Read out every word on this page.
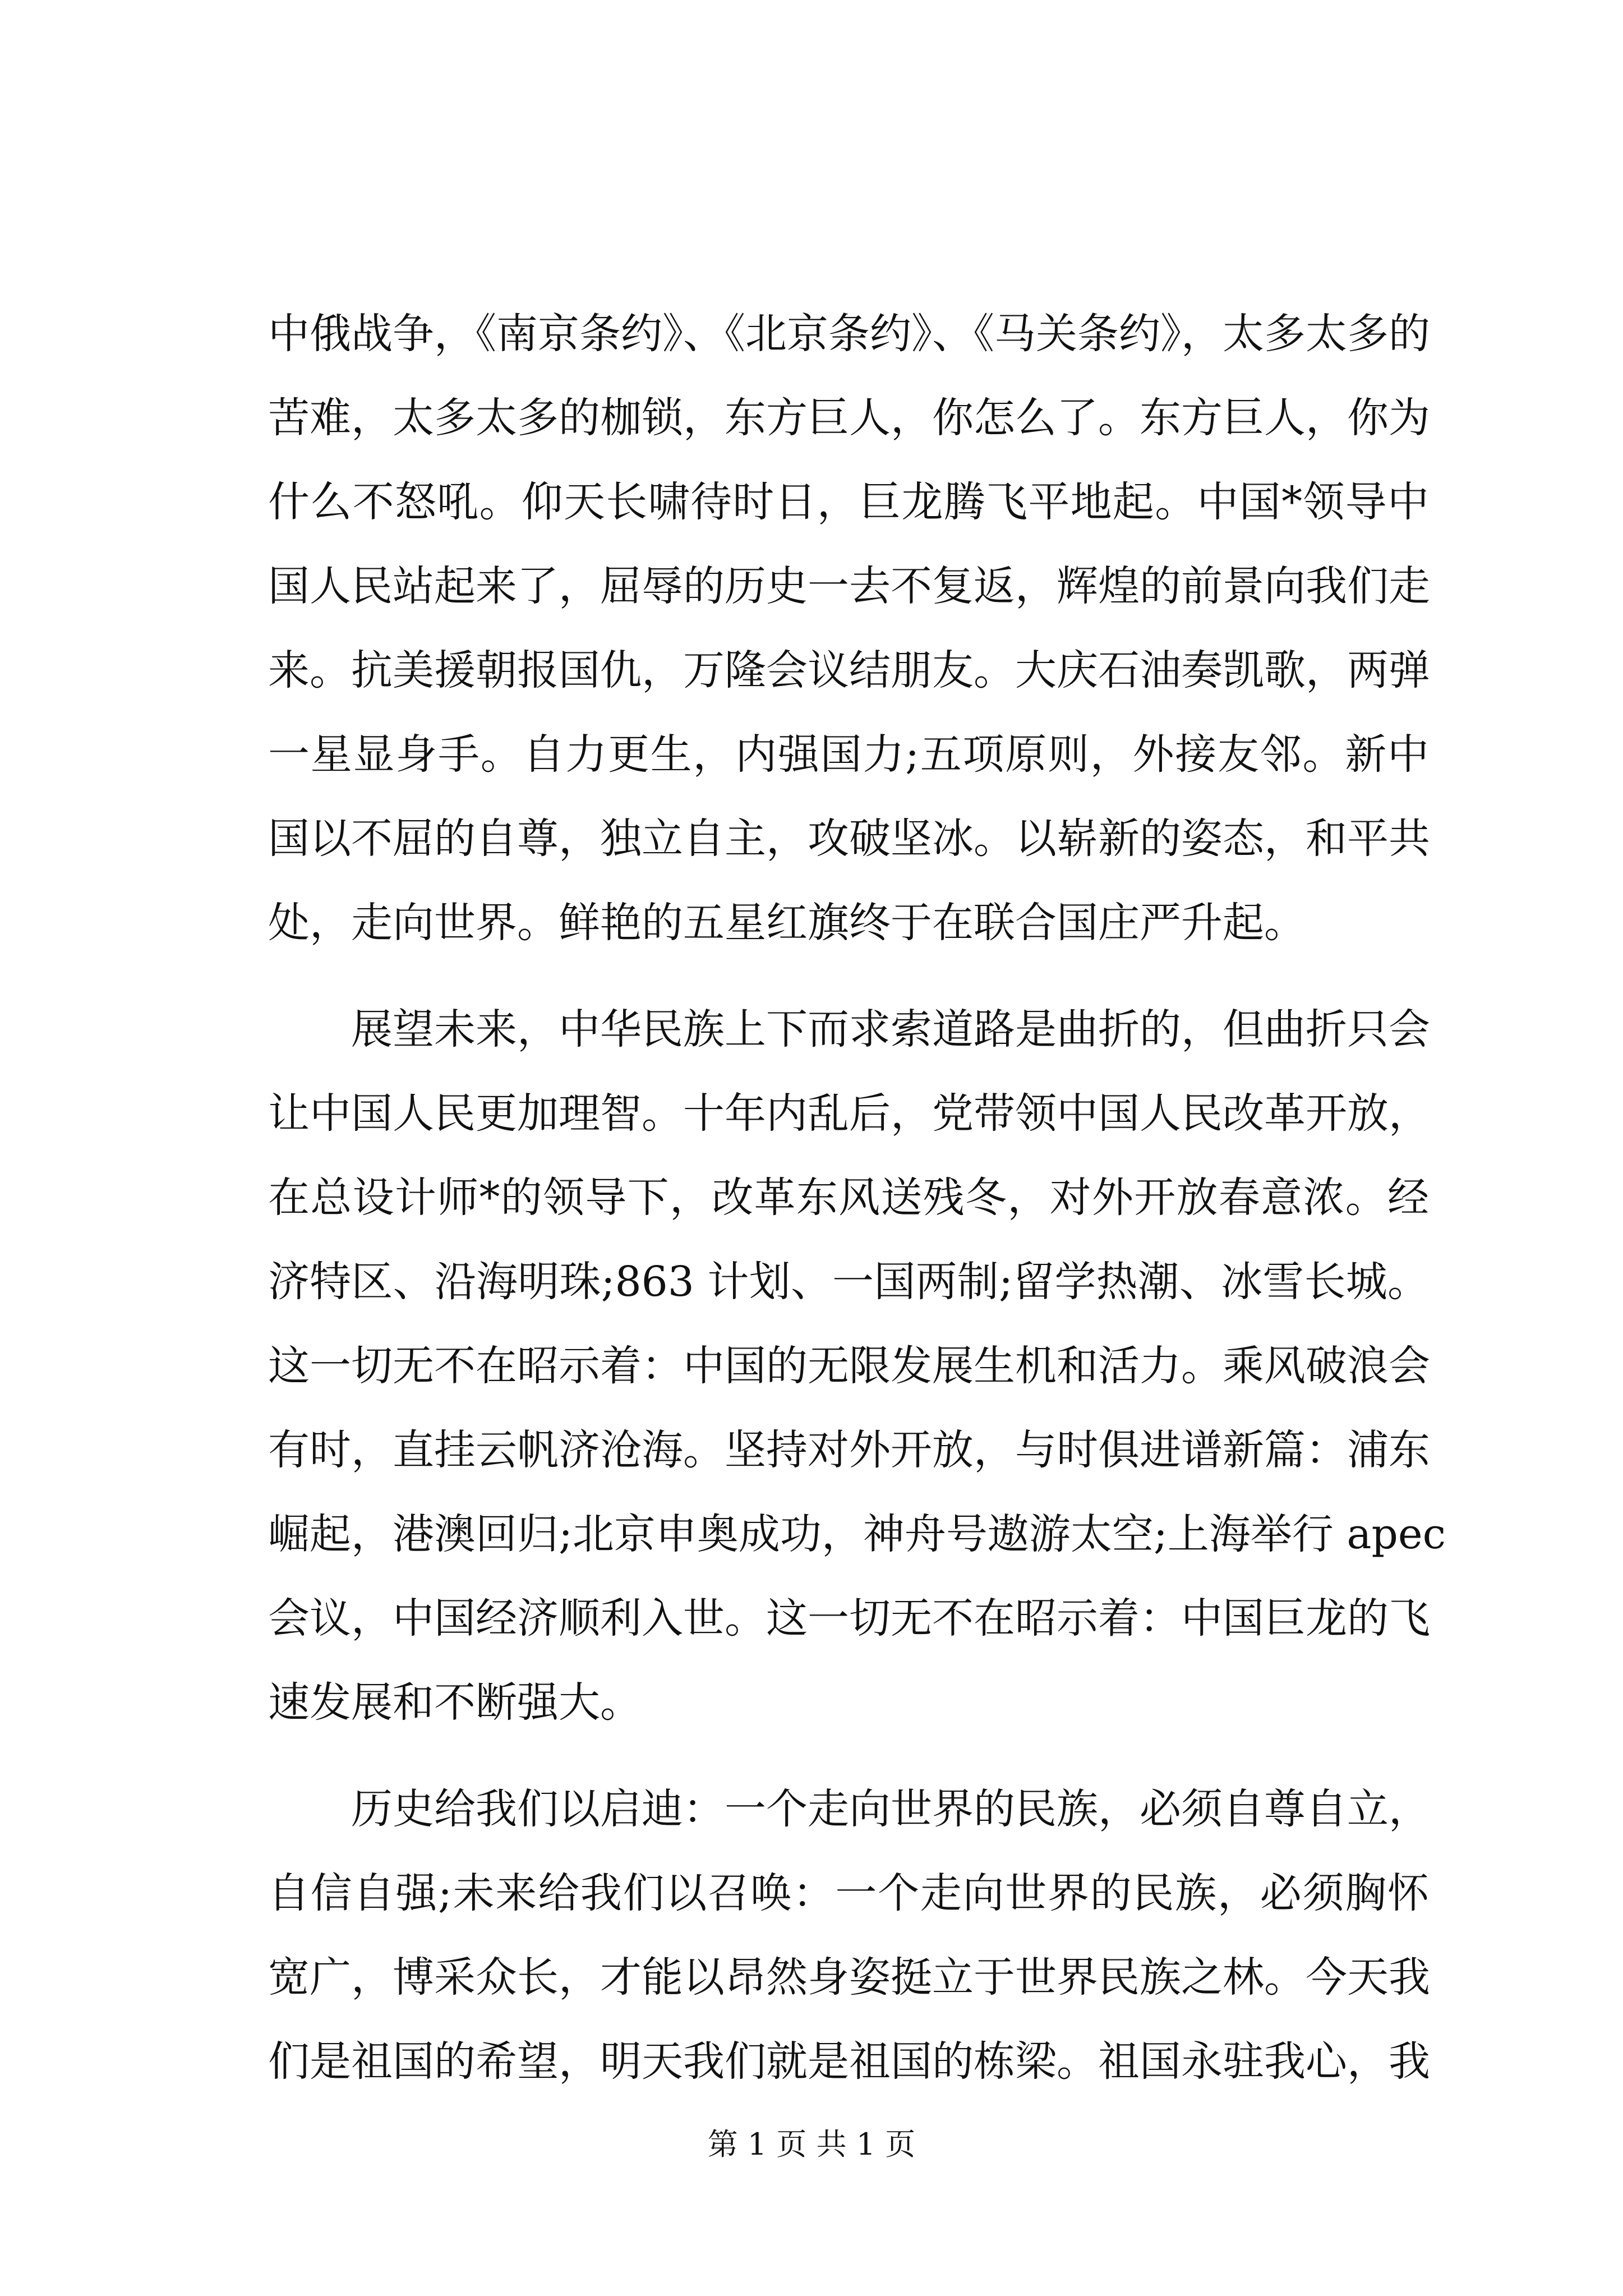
中俄战争，《南京条约》、《北京条约》、《马关条约》，太多太多的
苦难，太多太多的枷锁，东方巨人，你怎么了。东方巨人，你为
什么不怒吼。仰天长啸待时日，巨龙腾飞平地起。中国*领导中
国人民站起来了，屈辱的历史一去不复返，辉煌的前景向我们走
来。抗美援朝报国仇，万隆会议结朋友。大庆石油奏凯歌，两弹
一星显身手。自力更生，内强国力;五项原则，外接友邻。新中
国以不屈的自尊，独立自主，攻破坚冰。以崭新的姿态，和平共
处，走向世界。鲜艳的五星红旗终于在联合国庄严升起。
展望未来，中华民族上下而求索道路是曲折的，但曲折只会
让中国人民更加理智。十年内乱后，党带领中国人民改革开放，
在总设计师*的领导下，改革东风送残冬，对外开放春意浓。经
济特区、沿海明珠;863 计划、一国两制;留学热潮、冰雪长城。
这一切无不在昭示着：中国的无限发展生机和活力。乘风破浪会
有时，直挂云帆济沧海。坚持对外开放，与时俱进谱新篇：浦东
崛起，港澳回归;北京申奥成功，神舟号遨游太空;上海举行 apec
会议，中国经济顺利入世。这一切无不在昭示着：中国巨龙的飞
速发展和不断强大。
历史给我们以启迪：一个走向世界的民族，必须自尊自立，
自信自强;未来给我们以召唤：一个走向世界的民族，必须胸怀
宽广，博采众长，才能以昂然身姿挺立于世界民族之林。今天我
们是祖国的希望，明天我们就是祖国的栋梁。祖国永驻我心，我
第 1 页 共 1 页
